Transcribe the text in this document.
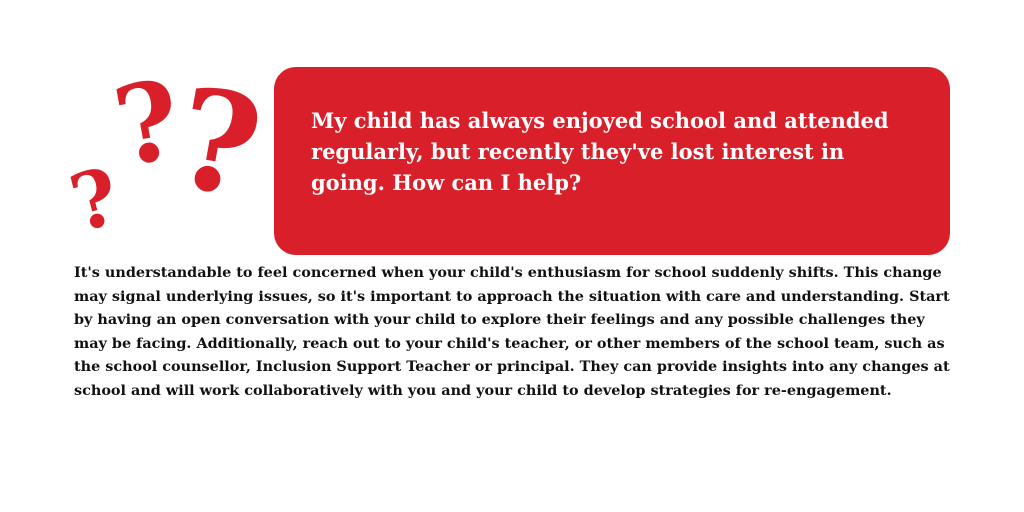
?
?
? My child has always enjoyed school and attended regularly, but recently they've lost interest in going. How can I help?

It's understandable to feel concerned when your child's enthusiasm for school suddenly shifts. This change may signal underlying issues, so it's important to approach the situation with care and understanding. Start by having an open conversation with your child to explore their feelings and any possible challenges they may be facing. Additionally, reach out to your child's teacher, or other members of the school team, such as the school counsellor, Inclusion Support Teacher or principal. They can provide insights into any changes at school and will work collaboratively with you and your child to develop strategies for re-engagement.
